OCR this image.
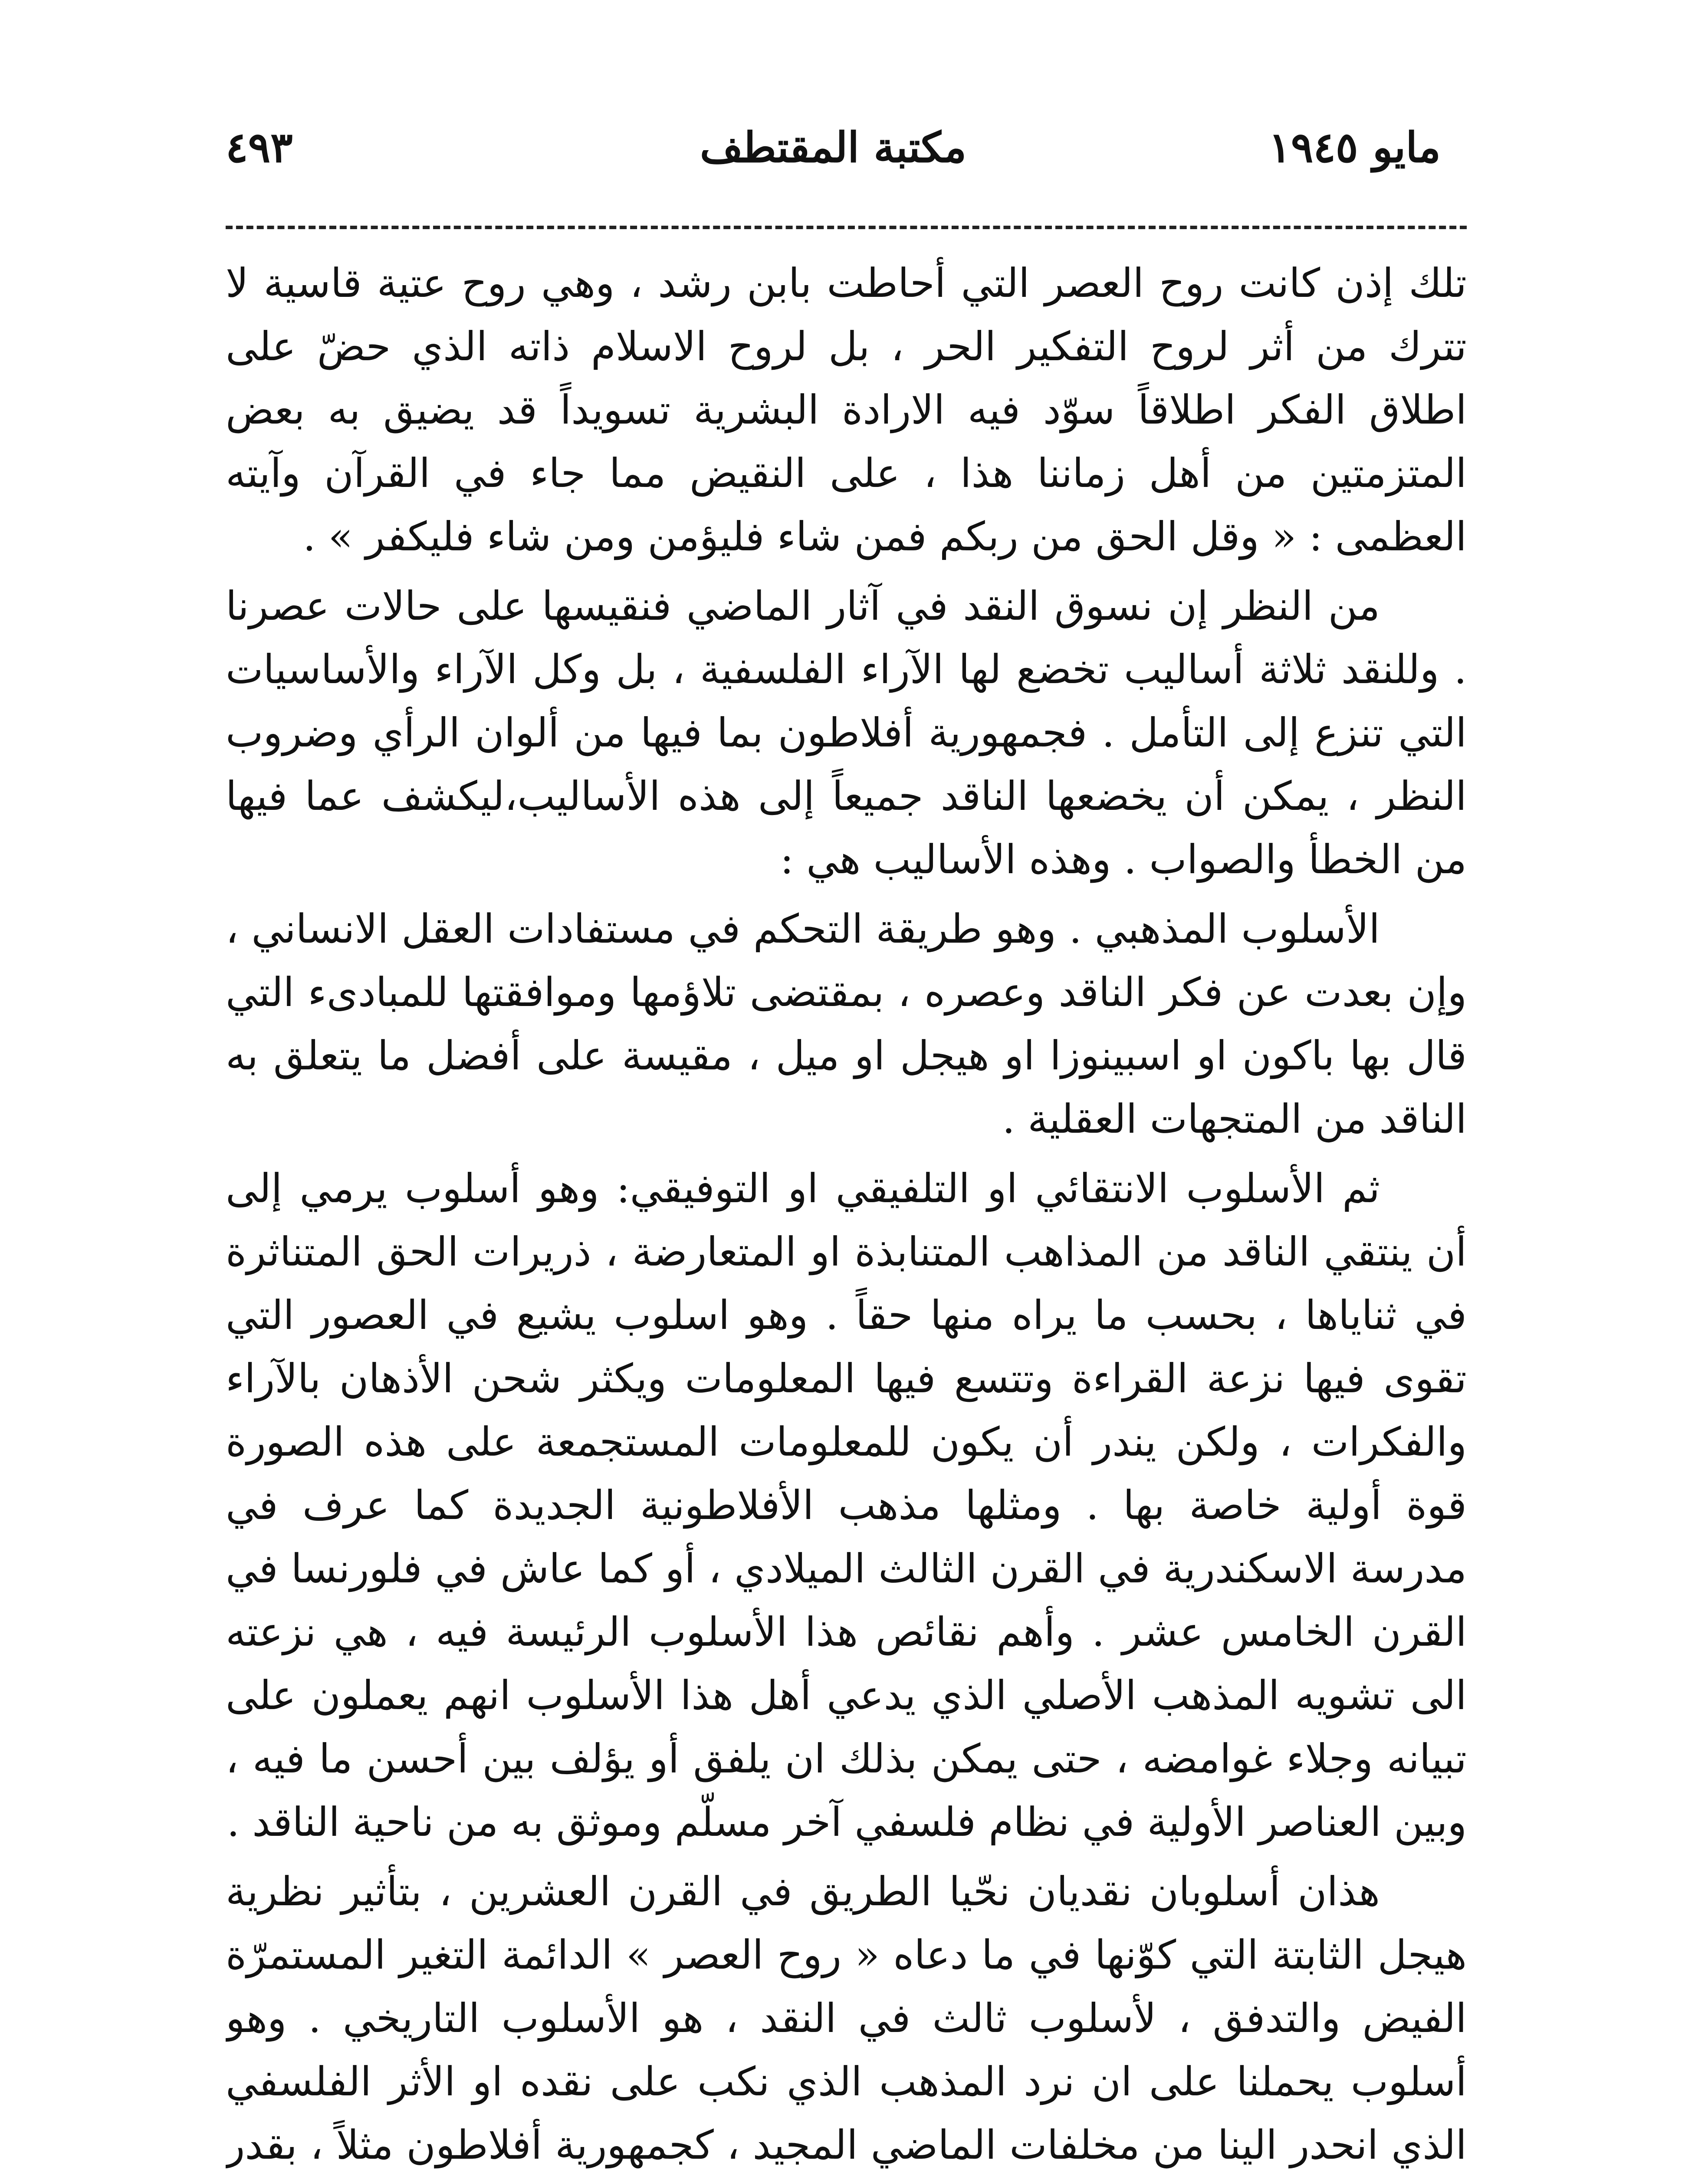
مايو ١٩٤٥
مكتبة المقتطف
٤٩٣

تلك إذن كانت روح العصر التي أحاطت بابن رشد ، وهي روح عتية قاسية لا تترك من أثر لروح التفكير الحر ، بل لروح الاسلام ذاته الذي حضّ على اطلاق الفكر اطلاقاً سوّد فيه الارادة البشرية تسويداً قد يضيق به بعض المتزمتين من أهل زماننا هذا ، على النقيض مما جاء في القرآن وآيته العظمى : « وقل الحق من ربكم فمن شاء فليؤمن ومن شاء فليكفر » .

من النظر إن نسوق النقد في آثار الماضي فنقيسها على حالات عصرنا . وللنقد ثلاثة أساليب تخضع لها الآراء الفلسفية ، بل وكل الآراء والأساسيات التي تنزع إلى التأمل . فجمهورية أفلاطون بما فيها من ألوان الرأي وضروب النظر ، يمكن أن يخضعها الناقد جميعاً إلى هذه الأساليب،ليكشف عما فيها من الخطأ والصواب . وهذه الأساليب هي :

الأسلوب المذهبي . وهو طريقة التحكم في مستفادات العقل الانساني ، وإن بعدت عن فكر الناقد وعصره ، بمقتضى تلاؤمها وموافقتها للمبادىء التي قال بها باكون او اسبينوزا او هيجل او ميل ، مقيسة على أفضل ما يتعلق به الناقد من المتجهات العقلية .

ثم الأسلوب الانتقائي او التلفيقي او التوفيقي: وهو أسلوب يرمي إلى أن ينتقي الناقد من المذاهب المتنابذة او المتعارضة ، ذريرات الحق المتناثرة في ثناياها ، بحسب ما يراه منها حقاً . وهو اسلوب يشيع في العصور التي تقوى فيها نزعة القراءة وتتسع فيها المعلومات ويكثر شحن الأذهان بالآراء والفكرات ، ولكن يندر أن يكون للمعلومات المستجمعة على هذه الصورة قوة أولية خاصة بها . ومثلها مذهب الأفلاطونية الجديدة كما عرف في مدرسة الاسكندرية في القرن الثالث الميلادي ، أو كما عاش في فلورنسا في القرن الخامس عشر . وأهم نقائص هذا الأسلوب الرئيسة فيه ، هي نزعته الى تشويه المذهب الأصلي الذي يدعي أهل هذا الأسلوب انهم يعملون على تبيانه وجلاء غوامضه ، حتى يمكن بذلك ان يلفق أو يؤلف بين أحسن ما فيه ، وبين العناصر الأولية في نظام فلسفي آخر مسلّم وموثق به من ناحية الناقد .

هذان أسلوبان نقديان نحّيا الطريق في القرن العشرين ، بتأثير نظرية هيجل الثابتة التي كوّنها في ما دعاه « روح العصر » الدائمة التغير المستمرّة الفيض والتدفق ، لأسلوب ثالث في النقد ، هو الأسلوب التاريخي . وهو أسلوب يحملنا على ان نرد المذهب الذي نكب على نقده او الأثر الفلسفي الذي انحدر الينا من مخلفات الماضي المجيد ، كجمهورية أفلاطون مثلاً ، بقدر
